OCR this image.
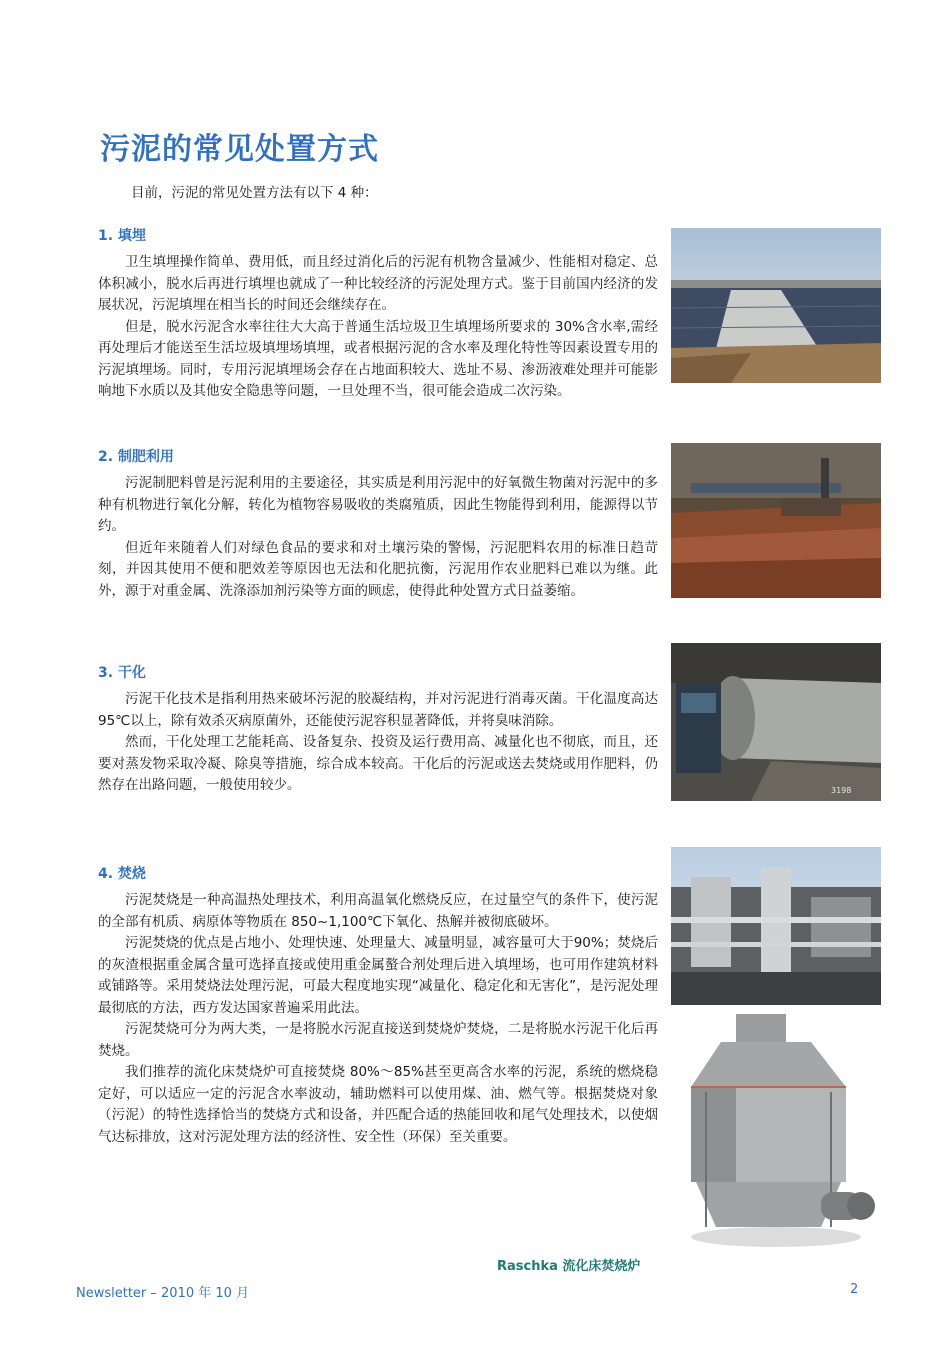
污泥的常见处置方式

目前，污泥的常见处置方法有以下 4 种：

1. 填埋

卫生填埋操作简单、费用低，而且经过消化后的污泥有机物含量减少、性能相对稳定、总体积减小，脱水后再进行填埋也就成了一种比较经济的污泥处理方式。鉴于目前国内经济的发展状况，污泥填埋在相当长的时间还会继续存在。

但是，脱水污泥含水率往往大大高于普通生活垃圾卫生填埋场所要求的 30%含水率,需经再处理后才能送至生活垃圾填埋场填埋，或者根据污泥的含水率及理化特性等因素设置专用的污泥填埋场。同时，专用污泥填埋场会存在占地面积较大、选址不易、渗沥液难处理并可能影响地下水质以及其他安全隐患等问题，一旦处理不当，很可能会造成二次污染。

2. 制肥利用

污泥制肥料曾是污泥利用的主要途径，其实质是利用污泥中的好氧微生物菌对污泥中的多种有机物进行氧化分解，转化为植物容易吸收的类腐殖质，因此生物能得到利用，能源得以节约。

但近年来随着人们对绿色食品的要求和对土壤污染的警惕，污泥肥料农用的标准日趋苛刻，并因其使用不便和肥效差等原因也无法和化肥抗衡，污泥用作农业肥料已难以为继。此外，源于对重金属、洗涤添加剂污染等方面的顾虑，使得此种处置方式日益萎缩。

3. 干化

污泥干化技术是指利用热来破坏污泥的胶凝结构，并对污泥进行消毒灭菌。干化温度高达 95℃以上，除有效杀灭病原菌外，还能使污泥容积显著降低，并将臭味消除。

然而，干化处理工艺能耗高、设备复杂、投资及运行费用高、减量化也不彻底，而且，还要对蒸发物采取冷凝、除臭等措施，综合成本较高。干化后的污泥或送去焚烧或用作肥料，仍然存在出路问题，一般使用较少。

4. 焚烧

污泥焚烧是一种高温热处理技术，利用高温氧化燃烧反应，在过量空气的条件下，使污泥的全部有机质、病原体等物质在 850~1,100℃下氧化、热解并被彻底破坏。

污泥焚烧的优点是占地小、处理快速、处理量大、减量明显，减容量可大于90%；焚烧后的灰渣根据重金属含量可选择直接或使用重金属螯合剂处理后进入填埋场，也可用作建筑材料或铺路等。采用焚烧法处理污泥，可最大程度地实现“减量化、稳定化和无害化”，是污泥处理最彻底的方法，西方发达国家普遍采用此法。

污泥焚烧可分为两大类，一是将脱水污泥直接送到焚烧炉焚烧，二是将脱水污泥干化后再焚烧。

我们推荐的流化床焚烧炉可直接焚烧 80%～85%甚至更高含水率的污泥，系统的燃烧稳定好，可以适应一定的污泥含水率波动，辅助燃料可以使用煤、油、燃气等。根据焚烧对象（污泥）的特性选择恰当的焚烧方式和设备，并匹配合适的热能回收和尾气处理技术，以使烟气达标排放，这对污泥处理方法的经济性、安全性（环保）至关重要。

3198

Raschka 流化床焚烧炉

Newsletter – 2010 年 10 月	2
